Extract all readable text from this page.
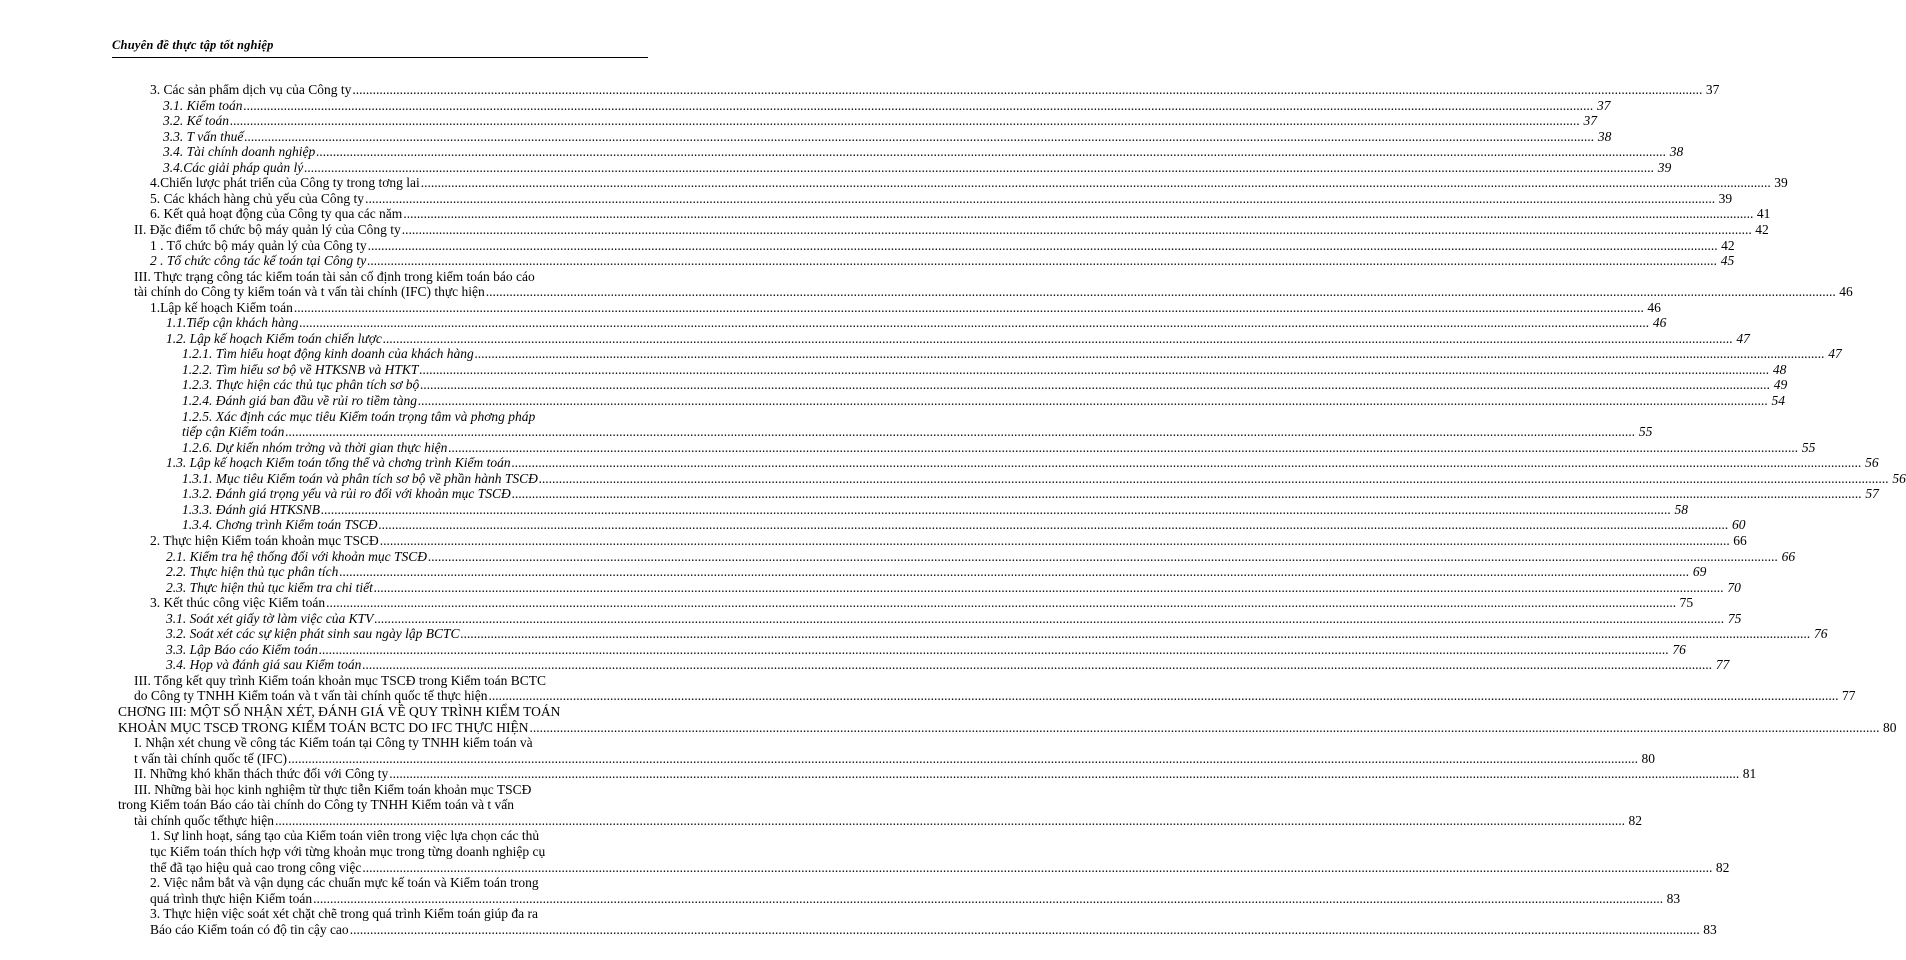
Chuyên đề thực tập tốt nghiệp
3. Các sản phẩm dịch vụ của Công ty ................................................................................................................................................................................................................................................................................................................................................................................................................ 37
3.1. Kiểm toán ................................................................................................................................................................................................................................................................................................................................................................................................................ 37
3.2. Kế toán ................................................................................................................................................................................................................................................................................................................................................................................................................ 37
3.3. T vấn thuế ................................................................................................................................................................................................................................................................................................................................................................................................................ 38
3.4. Tài chính doanh nghiệp ................................................................................................................................................................................................................................................................................................................................................................................................................ 38
3.4.Các giải pháp quản lý ................................................................................................................................................................................................................................................................................................................................................................................................................ 39
4.Chiến lược phát triển của Công ty trong tơng lai ................................................................................................................................................................................................................................................................................................................................................................................................................ 39
5. Các khách hàng chủ yếu của Công ty ................................................................................................................................................................................................................................................................................................................................................................................................................ 39
6. Kết quả hoạt động của Công ty qua các năm ................................................................................................................................................................................................................................................................................................................................................................................................................ 41
II. Đặc điểm tổ chức bộ máy quản lý của Công ty ................................................................................................................................................................................................................................................................................................................................................................................................................ 42
1 . Tổ chức bộ máy quản lý của Công ty ................................................................................................................................................................................................................................................................................................................................................................................................................ 42
2 . Tổ chức công tác kế toán tại Công ty ................................................................................................................................................................................................................................................................................................................................................................................................................ 45
III. Thực trạng công tác kiểm toán tài sản cố định trong kiểm toán báo cáo
tài chính do Công ty kiểm toán và t vấn tài chính (IFC) thực hiện ................................................................................................................................................................................................................................................................................................................................................................................................................ 46
1.Lập kế hoạch Kiểm toán ................................................................................................................................................................................................................................................................................................................................................................................................................ 46
1.1.Tiếp cận khách hàng ................................................................................................................................................................................................................................................................................................................................................................................................................ 46
1.2. Lập kế hoạch Kiểm toán chiến lược ................................................................................................................................................................................................................................................................................................................................................................................................................ 47
1.2.1. Tìm hiểu hoạt động kinh doanh của khách hàng ................................................................................................................................................................................................................................................................................................................................................................................................................ 47
1.2.2. Tìm hiểu sơ bộ về HTKSNB và HTKT ................................................................................................................................................................................................................................................................................................................................................................................................................ 48
1.2.3. Thực hiện các thủ tục phân tích sơ bộ ................................................................................................................................................................................................................................................................................................................................................................................................................ 49
1.2.4. Đánh giá ban đầu về rủi ro tiềm tàng ................................................................................................................................................................................................................................................................................................................................................................................................................ 54
1.2.5. Xác định các mục tiêu Kiểm toán trọng tâm và phơng pháp
tiếp cận Kiểm toán ................................................................................................................................................................................................................................................................................................................................................................................................................ 55
1.2.6. Dự kiến nhóm trởng và thời gian thực hiện ................................................................................................................................................................................................................................................................................................................................................................................................................ 55
1.3. Lập kế hoạch Kiểm toán tổng thể và chơng trình Kiểm toán ................................................................................................................................................................................................................................................................................................................................................................................................................ 56
1.3.1. Mục tiêu Kiểm toán và phân tích sơ bộ về phần hành TSCĐ ................................................................................................................................................................................................................................................................................................................................................................................................................ 56
1.3.2. Đánh giá trọng yếu và rủi ro đối với khoản mục TSCĐ ................................................................................................................................................................................................................................................................................................................................................................................................................ 57
1.3.3. Đánh giá HTKSNB ................................................................................................................................................................................................................................................................................................................................................................................................................ 58
1.3.4. Chơng trình Kiểm toán TSCĐ ................................................................................................................................................................................................................................................................................................................................................................................................................ 60
2. Thực hiện Kiểm toán khoản mục TSCĐ ................................................................................................................................................................................................................................................................................................................................................................................................................ 66
2.1. Kiểm tra hệ thống đối với khoản mục TSCĐ ................................................................................................................................................................................................................................................................................................................................................................................................................ 66
2.2. Thực hiện thủ tục phân tích ................................................................................................................................................................................................................................................................................................................................................................................................................ 69
2.3. Thực hiện thủ tục kiểm tra chi tiết ................................................................................................................................................................................................................................................................................................................................................................................................................ 70
3. Kết thúc công việc Kiểm toán ................................................................................................................................................................................................................................................................................................................................................................................................................ 75
3.1. Soát xét giấy tờ làm việc của KTV ................................................................................................................................................................................................................................................................................................................................................................................................................ 75
3.2. Soát xét các sự kiện phát sinh sau ngày lập BCTC ................................................................................................................................................................................................................................................................................................................................................................................................................ 76
3.3. Lập Báo cáo Kiểm toán ................................................................................................................................................................................................................................................................................................................................................................................................................ 76
3.4. Họp và đánh giá sau Kiểm toán ................................................................................................................................................................................................................................................................................................................................................................................................................ 77
III. Tổng kết quy trình Kiểm toán khoản mục TSCĐ trong Kiểm toán BCTC
do Công ty TNHH Kiểm toán và t vấn tài chính quốc tế thực hiện ................................................................................................................................................................................................................................................................................................................................................................................................................ 77
CHƠNG III: MỘT SỐ NHẬN XÉT, ĐÁNH GIÁ VỀ QUY TRÌNH KIỂM TOÁN
KHOẢN MỤC TSCĐ TRONG KIỂM TOÁN BCTC DO IFC THỰC HIỆN ................................................................................................................................................................................................................................................................................................................................................................................................................ 80
I. Nhận xét chung về công tác Kiểm toán tại Công ty TNHH kiểm toán và
t vấn tài chính quốc tế (IFC) ................................................................................................................................................................................................................................................................................................................................................................................................................ 80
II. Những khó khăn thách thức đối với Công ty ................................................................................................................................................................................................................................................................................................................................................................................................................ 81
III. Những bài học kinh nghiệm từ thực tiễn Kiểm toán khoản mục TSCĐ
trong Kiểm toán Báo cáo tài chính do Công ty TNHH Kiểm toán và t vấn
tài chính quốc tếthực hiện ................................................................................................................................................................................................................................................................................................................................................................................................................ 82
1. Sự linh hoạt, sáng tạo của Kiểm toán viên trong việc lựa chọn các thủ
tục Kiểm toán thích hợp với từng khoản mục trong từng doanh nghiệp cụ
thể đã tạo hiệu quả cao trong công việc ................................................................................................................................................................................................................................................................................................................................................................................................................ 82
2. Việc nắm bắt và vận dụng các chuẩn mực kế toán và Kiểm toán trong
quá trình thực hiện Kiểm toán ................................................................................................................................................................................................................................................................................................................................................................................................................ 83
3. Thực hiện việc soát xét chặt chẽ trong quá trình Kiểm toán giúp đa ra
Báo cáo Kiểm toán có độ tin cậy cao ................................................................................................................................................................................................................................................................................................................................................................................................................ 83
